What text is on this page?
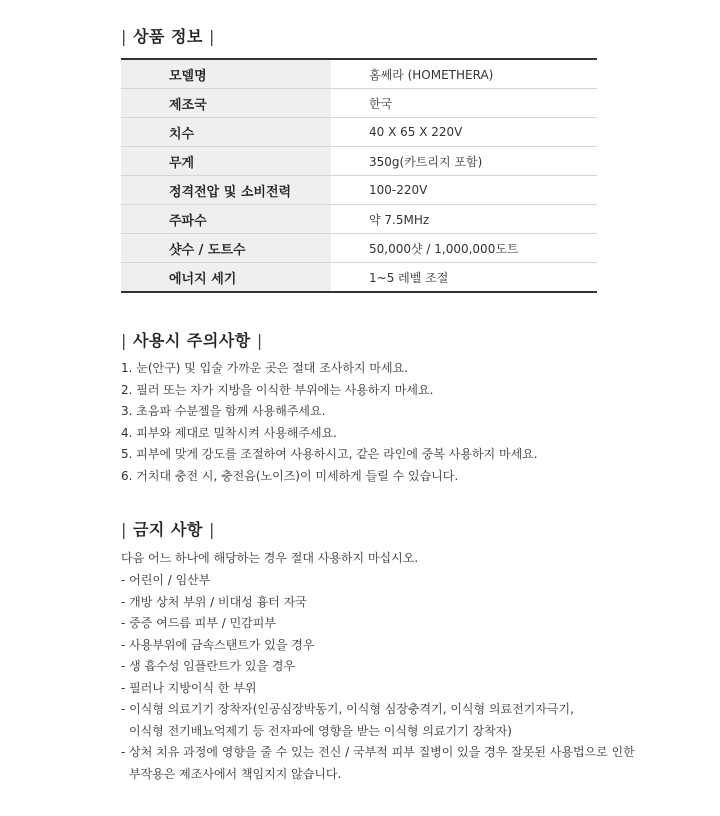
| 상품 정보 |
모델명	홈쎄라 (HOMETHERA)
제조국	한국
치수	40 X 65 X 220V
무게	350g(카트리지 포함)
정격전압 및 소비전력	100-220V
주파수	약 7.5MHz
샷수 / 도트수	50,000샷 / 1,000,000도트
에너지 세기	1~5 레벨 조절
| 사용시 주의사항 |
1. 눈(안구) 및 입술 가까운 곳은 절대 조사하지 마세요.
2. 필러 또는 자가 지방을 이식한 부위에는 사용하지 마세요.
3. 초음파 수분젤을 함께 사용해주세요.
4. 피부와 제대로 밀착시켜 사용해주세요.
5. 피부에 맞게 강도를 조절하여 사용하시고, 같은 라인에 중복 사용하지 마세요.
6. 거치대 충전 시, 충전음(노이즈)이 미세하게 들릴 수 있습니다.
| 금지 사항 |

다음 어느 하나에 해당하는 경우 절대 사용하지 마십시오.

- 어린이 / 임산부
- 개방 상처 부위 / 비대성 흉터 자국
- 중증 여드름 피부 / 민감피부
- 사용부위에 금속스탠트가 있을 경우
- 생 흡수성 임플란트가 있을 경우
- 필러나 지방이식 한 부위
- 이식형 의료기기 장착자(인공심장박동기, 이식형 심장충격기, 이식형 의료전기자극기,
이식형 전기배뇨억제기 등 전자파에 영향을 받는 이식형 의료기기 장착자)
- 상처 치유 과정에 영향을 줄 수 있는 전신 / 국부적 피부 질병이 있을 경우 잘못된 사용법으로 인한
부작용은 제조사에서 책임지지 않습니다.
